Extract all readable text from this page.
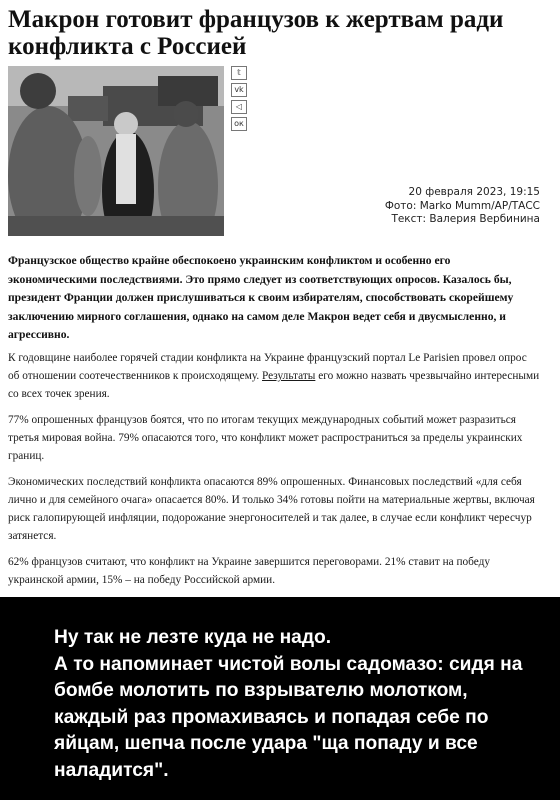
Макрон готовит французов к жертвам ради конфликта с Россией
𝕥
vk
◁
ок
20 февраля 2023, 19:15
Фото: Marko Mumm/AP/ТАСС
Текст: Валерия Вербинина

Французское общество крайне обеспокоено украинским конфликтом и особенно его экономическими последствиями. Это прямо следует из соответствующих опросов. Казалось бы, президент Франции должен прислушиваться к своим избирателям, способствовать скорейшему заключению мирного соглашения, однако на самом деле Макрон ведет себя и двусмысленно, и агрессивно.

К годовщине наиболее горячей стадии конфликта на Украине французский портал Le Parisien провел опрос об отношении соотечественников к происходящему. Результаты его можно назвать чрезвычайно интересными со всех точек зрения.

77% опрошенных французов боятся, что по итогам текущих международных событий может разразиться третья мировая война. 79% опасаются того, что конфликт может распространиться за пределы украинских границ.

Экономических последствий конфликта опасаются 89% опрошенных. Финансовых последствий «для себя лично и для семейного очага» опасается 80%. И только 34% готовы пойти на материальные жертвы, включая риск галопирующей инфляции, подорожание энергоносителей и так далее, в случае если конфликт чересчур затянется.

62% французов считают, что конфликт на Украине завершится переговорами. 21% ставит на победу украинской армии, 15% – на победу Российской армии.

Ну так не лезте куда не надо.
А то напоминает чистой волы садомазо: сидя на бомбе молотить по взрывателю молотком, каждый раз промахиваясь и попадая себе по яйцам, шепча после удара "ща попаду и все наладится".
